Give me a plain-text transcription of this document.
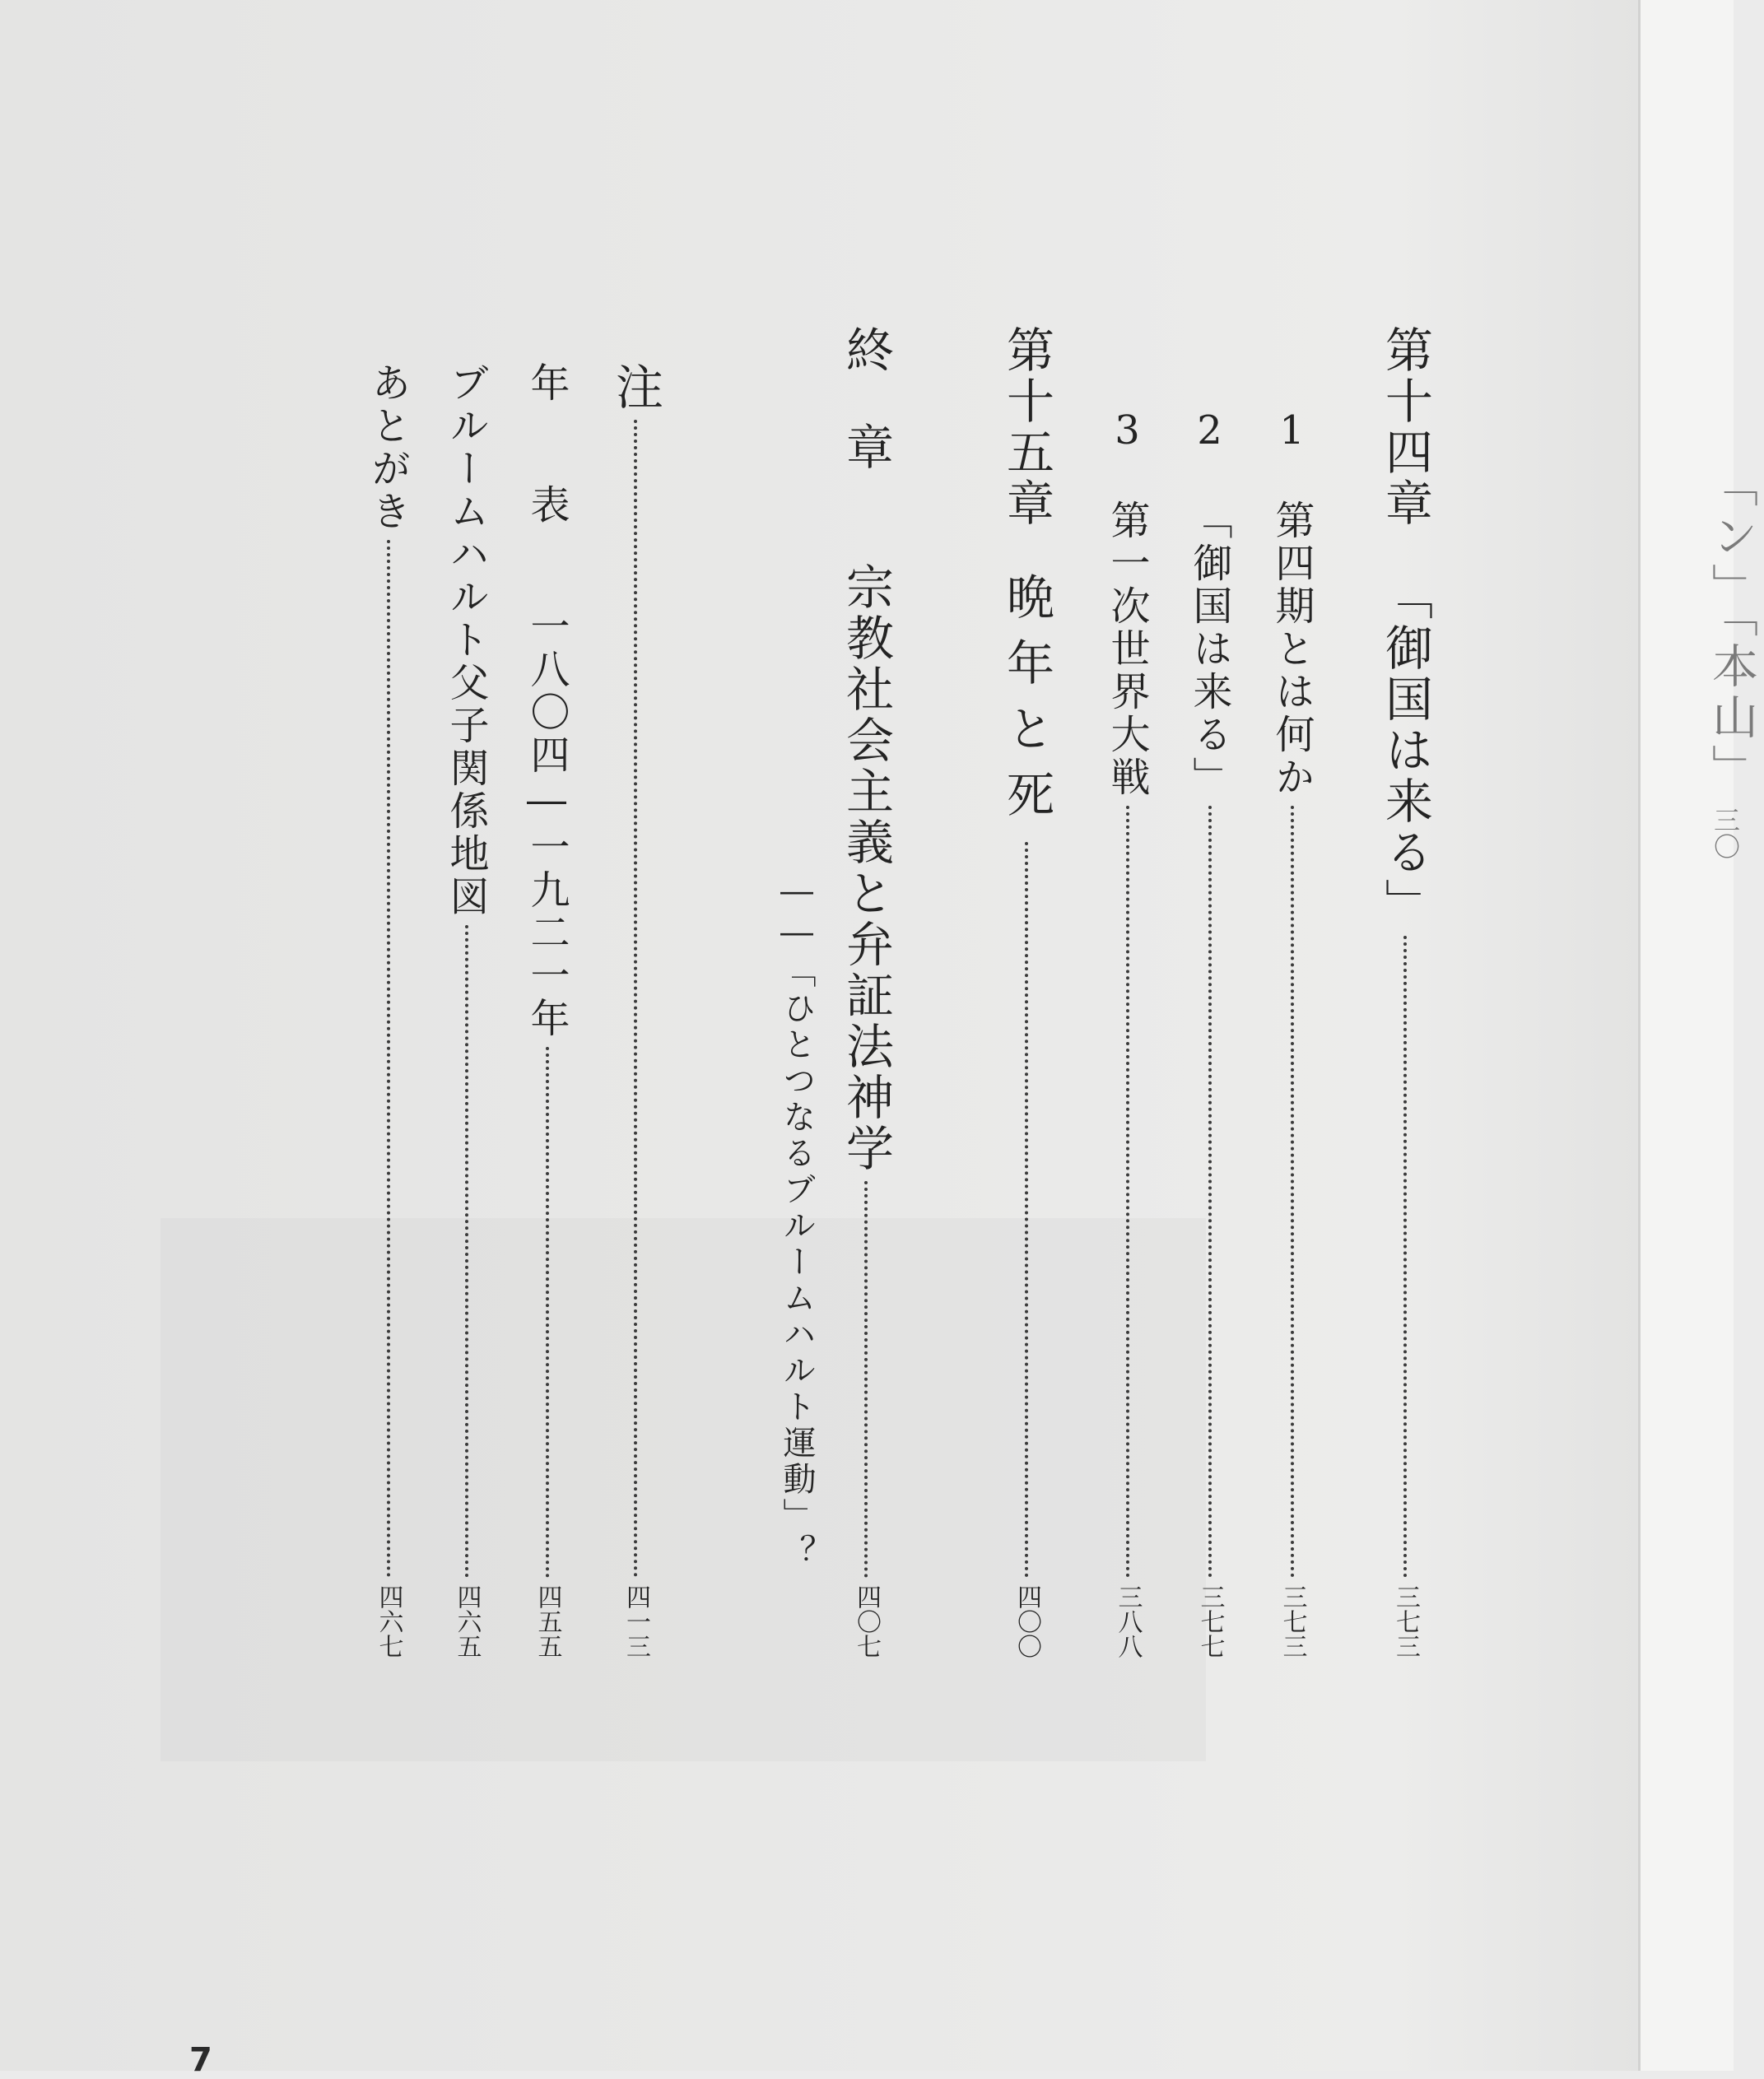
第十四章
「御国は来る」
三七三
1
第四期とは何か
三七三
2
「御国は来る」
三七七
3
第一次世界大戦
三八八
第十五章
晩年と死
四〇〇
終章
宗教社会主義と弁証法神学
四〇七
――「ひとつなるブルームハルト運動」？
注
四一三
年表
一八〇四―一九二一年
四五五
ブルームハルト父子関係地図
四六五
あとがき
四六七
7
「ン」「本山」
三〇
